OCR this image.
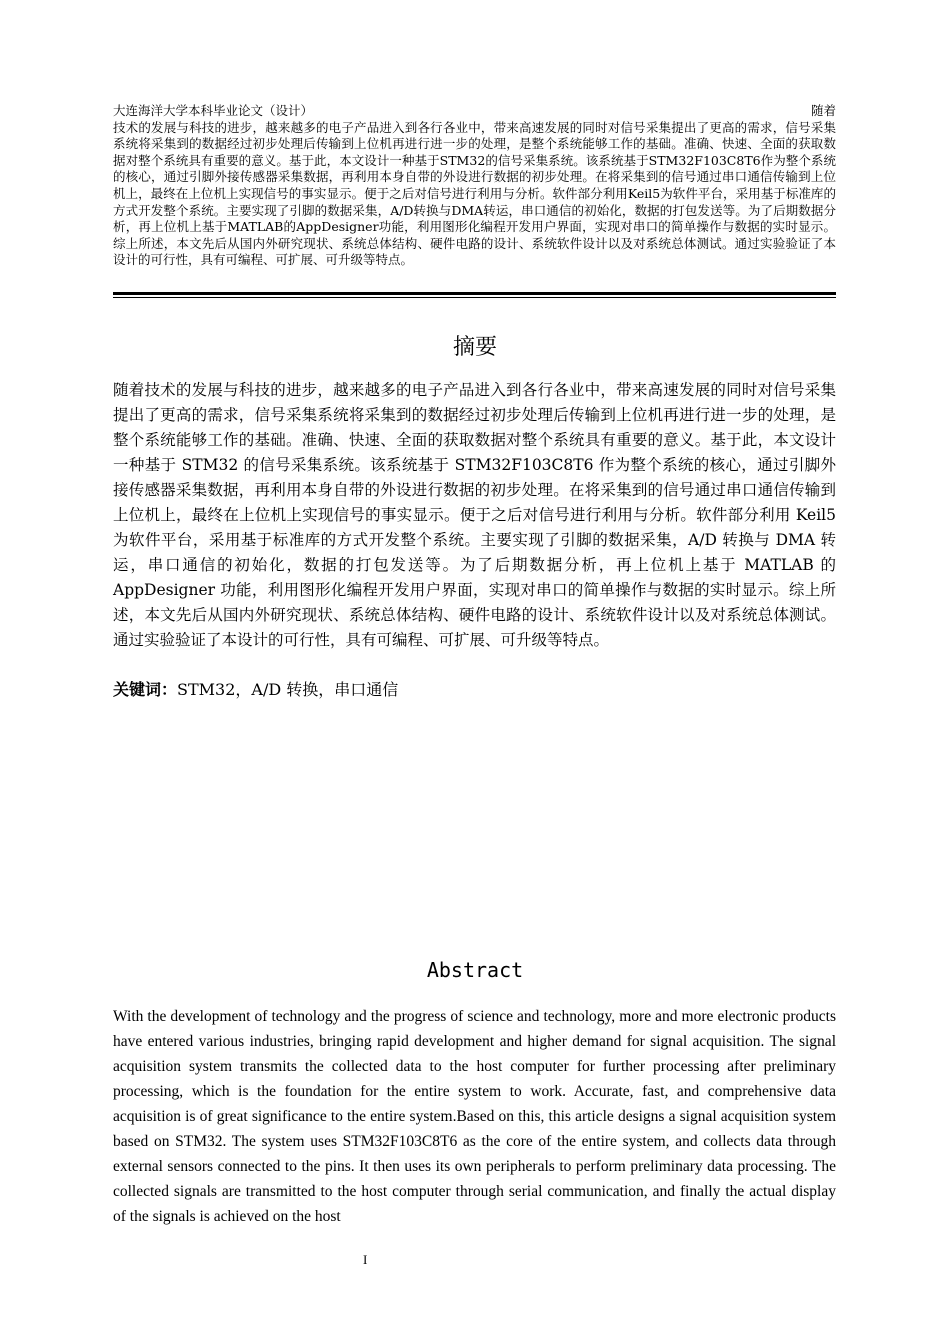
大连海洋大学本科毕业论文（设计）	随着
技术的发展与科技的进步，越来越多的电子产品进入到各行各业中，带来高速发展的同时对信号采集提出了更高的需求，信号采集系统将采集到的数据经过初步处理后传输到上位机再进行进一步的处理，是整个系统能够工作的基础。准确、快速、全面的获取数据对整个系统具有重要的意义。基于此，本文设计一种基于STM32的信号采集系统。该系统基于STM32F103C8T6作为整个系统的核心，通过引脚外接传感器采集数据，再利用本身自带的外设进行数据的初步处理。在将采集到的信号通过串口通信传输到上位机上，最终在上位机上实现信号的事实显示。便于之后对信号进行利用与分析。软件部分利用Keil5为软件平台，采用基于标准库的方式开发整个系统。主要实现了引脚的数据采集，A/D转换与DMA转运，串口通信的初始化，数据的打包发送等。为了后期数据分析，再上位机上基于MATLAB的AppDesigner功能，利用图形化编程开发用户界面，实现对串口的简单操作与数据的实时显示。综上所述，本文先后从国内外研究现状、系统总体结构、硬件电路的设计、系统软件设计以及对系统总体测试。通过实验验证了本设计的可行性，具有可编程、可扩展、可升级等特点。
摘要
随着技术的发展与科技的进步，越来越多的电子产品进入到各行各业中，带来高速发展的同时对信号采集提出了更高的需求，信号采集系统将采集到的数据经过初步处理后传输到上位机再进行进一步的处理，是整个系统能够工作的基础。准确、快速、全面的获取数据对整个系统具有重要的意义。基于此，本文设计一种基于 STM32 的信号采集系统。该系统基于 STM32F103C8T6 作为整个系统的核心，通过引脚外接传感器采集数据，再利用本身自带的外设进行数据的初步处理。在将采集到的信号通过串口通信传输到上位机上，最终在上位机上实现信号的事实显示。便于之后对信号进行利用与分析。软件部分利用 Keil5 为软件平台，采用基于标准库的方式开发整个系统。主要实现了引脚的数据采集，A/D 转换与 DMA 转运，串口通信的初始化，数据的打包发送等。为了后期数据分析，再上位机上基于 MATLAB 的 AppDesigner 功能，利用图形化编程开发用户界面，实现对串口的简单操作与数据的实时显示。综上所述，本文先后从国内外研究现状、系统总体结构、硬件电路的设计、系统软件设计以及对系统总体测试。通过实验验证了本设计的可行性，具有可编程、可扩展、可升级等特点。
关键词：STM32，A/D 转换，串口通信
Abstract
With the development of technology and the progress of science and technology, more and more electronic products have entered various industries, bringing rapid development and higher demand for signal acquisition. The signal acquisition system transmits the collected data to the host computer for further processing after preliminary processing, which is the foundation for the entire system to work. Accurate, fast, and comprehensive data acquisition is of great significance to the entire system.Based on this, this article designs a signal acquisition system based on STM32. The system uses STM32F103C8T6 as the core of the entire system, and collects data through external sensors connected to the pins. It then uses its own peripherals to perform preliminary data processing. The collected signals are transmitted to the host computer through serial communication, and finally the actual display of the signals is achieved on the host
I
